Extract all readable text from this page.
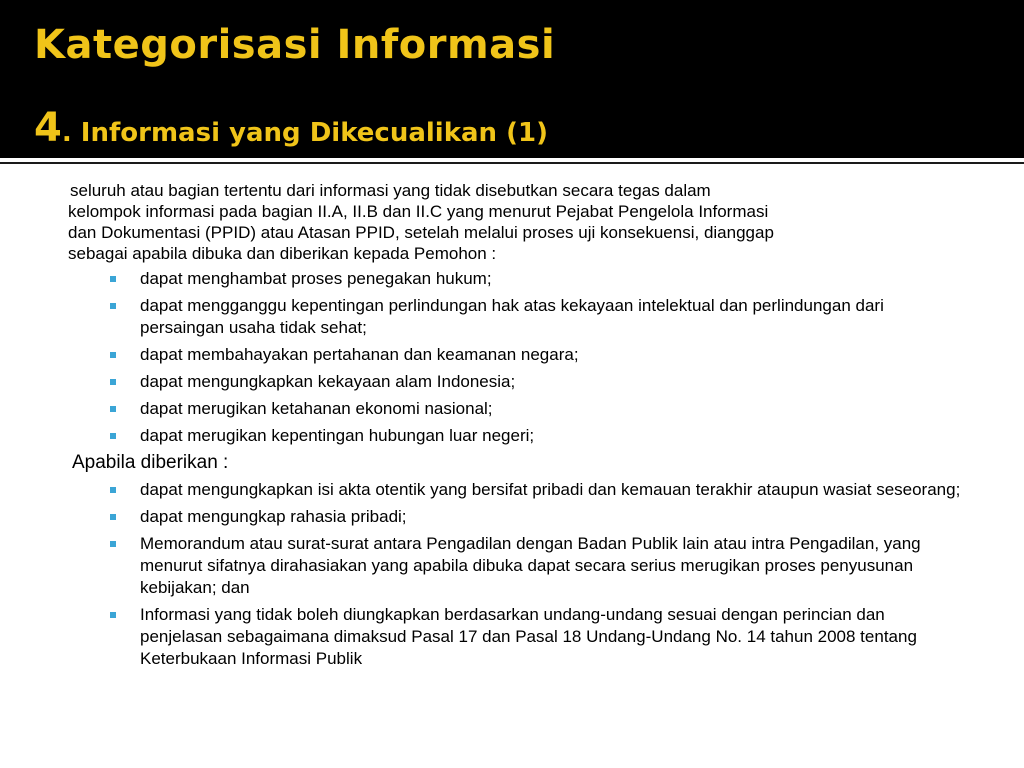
Kategorisasi Informasi
4. Informasi yang Dikecualikan (1)
seluruh atau bagian tertentu dari informasi yang tidak disebutkan secara tegas dalam
kelompok informasi pada bagian II.A, II.B dan II.C yang menurut Pejabat Pengelola Informasi
dan Dokumentasi (PPID) atau Atasan PPID, setelah melalui proses uji konsekuensi, dianggap
sebagai apabila dibuka dan diberikan kepada Pemohon :
dapat menghambat proses penegakan hukum;
dapat mengganggu kepentingan perlindungan hak atas kekayaan intelektual dan perlindungan dari persaingan usaha tidak sehat;
dapat membahayakan pertahanan dan keamanan negara;
dapat mengungkapkan kekayaan alam Indonesia;
dapat merugikan ketahanan ekonomi nasional;
dapat merugikan kepentingan hubungan luar negeri;
Apabila diberikan :
dapat mengungkapkan isi akta otentik yang bersifat pribadi dan kemauan terakhir ataupun wasiat seseorang;
dapat mengungkap rahasia pribadi;
Memorandum atau surat-surat antara Pengadilan dengan Badan Publik lain atau intra Pengadilan, yang menurut sifatnya dirahasiakan yang apabila dibuka dapat secara serius merugikan proses penyusunan kebijakan; dan
Informasi yang tidak boleh diungkapkan berdasarkan undang-undang sesuai dengan perincian dan penjelasan sebagaimana dimaksud Pasal 17 dan Pasal 18 Undang-Undang No. 14 tahun 2008 tentang Keterbukaan Informasi Publik
